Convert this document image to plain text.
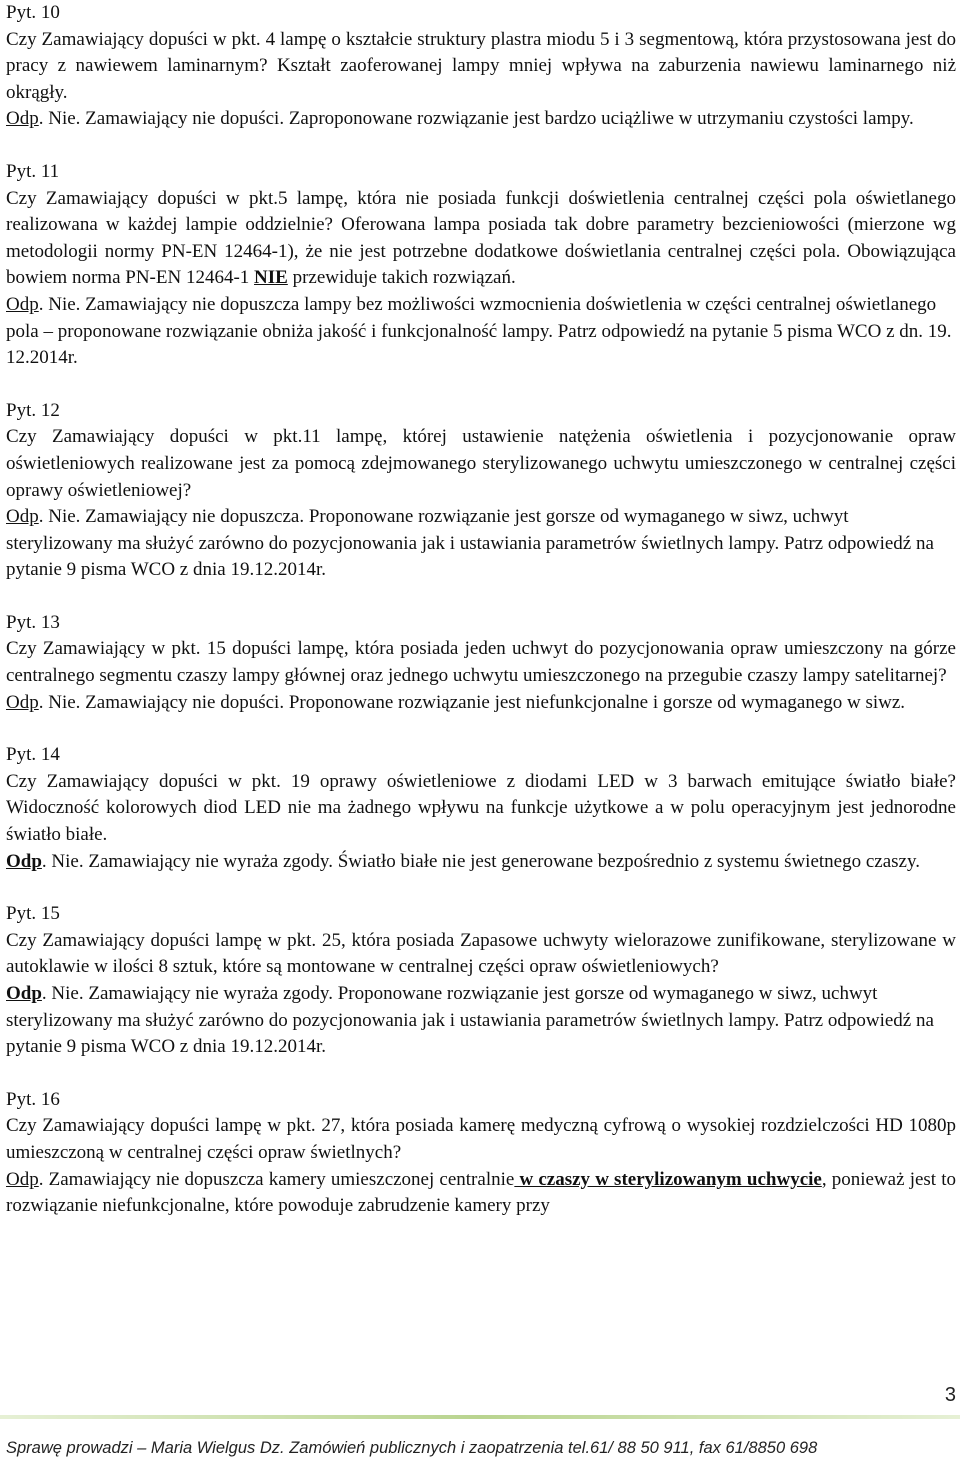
Pyt. 10
Czy Zamawiający dopuści w pkt. 4 lampę o kształcie struktury plastra miodu 5 i 3 segmentową, która przystosowana jest do pracy z nawiewem laminarnym? Kształt zaoferowanej lampy mniej wpływa na zaburzenia nawiewu laminarnego niż okrągły.
Odp. Nie. Zamawiający nie dopuści. Zaproponowane rozwiązanie jest bardzo uciążliwe w utrzymaniu czystości lampy.
Pyt. 11
Czy Zamawiający dopuści w pkt.5 lampę, która nie posiada funkcji doświetlenia centralnej części pola oświetlanego realizowana w każdej lampie oddzielnie? Oferowana lampa posiada tak dobre parametry bezcieniowości (mierzone wg metodologii normy PN-EN 12464-1), że nie jest potrzebne dodatkowe doświetlania centralnej części pola. Obowiązująca bowiem norma PN-EN 12464-1 NIE przewiduje takich rozwiązań.
Odp. Nie. Zamawiający nie dopuszcza lampy bez możliwości wzmocnienia doświetlenia w części centralnej oświetlanego pola – proponowane rozwiązanie obniża jakość i funkcjonalność lampy. Patrz odpowiedź na pytanie 5 pisma WCO z dn. 19. 12.2014r.
Pyt. 12
Czy Zamawiający dopuści w pkt.11 lampę, której ustawienie natężenia oświetlenia i pozycjonowanie opraw oświetleniowych realizowane jest za pomocą zdejmowanego sterylizowanego uchwytu umieszczonego w centralnej części oprawy oświetleniowej?
Odp. Nie. Zamawiający nie dopuszcza. Proponowane rozwiązanie jest gorsze od wymaganego w siwz, uchwyt sterylizowany ma służyć zarówno do pozycjonowania jak i ustawiania parametrów świetlnych lampy. Patrz odpowiedź na pytanie 9 pisma WCO z dnia 19.12.2014r.
Pyt. 13
Czy Zamawiający w pkt. 15 dopuści lampę, która posiada jeden uchwyt do pozycjonowania opraw umieszczony na górze centralnego segmentu czaszy lampy głównej oraz jednego uchwytu umieszczonego na przegubie czaszy lampy satelitarnej?
Odp. Nie. Zamawiający nie dopuści. Proponowane rozwiązanie jest niefunkcjonalne i gorsze od wymaganego w siwz.
Pyt. 14
Czy Zamawiający dopuści w pkt. 19 oprawy oświetleniowe z diodami LED w 3 barwach emitujące światło białe? Widoczność kolorowych diod LED nie ma żadnego wpływu na funkcje użytkowe a w polu operacyjnym jest jednorodne światło białe.
Odp. Nie. Zamawiający nie wyraża zgody. Światło białe nie jest generowane bezpośrednio z systemu świetnego czaszy.
Pyt. 15
Czy Zamawiający dopuści lampę w pkt. 25, która posiada Zapasowe uchwyty wielorazowe zunifikowane, sterylizowane w autoklawie w ilości 8 sztuk, które są montowane w centralnej części opraw oświetleniowych?
Odp. Nie. Zamawiający nie wyraża zgody. Proponowane rozwiązanie jest gorsze od wymaganego w siwz, uchwyt sterylizowany ma służyć zarówno do pozycjonowania jak i ustawiania parametrów świetlnych lampy. Patrz odpowiedź na pytanie 9 pisma WCO z dnia 19.12.2014r.
Pyt. 16
Czy Zamawiający dopuści lampę w pkt. 27, która posiada kamerę medyczną cyfrową o wysokiej rozdzielczości HD 1080p umieszczoną w centralnej części opraw świetlnych?
Odp. Zamawiający nie dopuszcza kamery umieszczonej centralnie w czaszy w sterylizowanym uchwycie, ponieważ jest to rozwiązanie niefunkcjonalne, które powoduje zabrudzenie kamery przy
3
Sprawę prowadzi – Maria Wielgus Dz. Zamówień publicznych i zaopatrzenia tel.61/ 88 50 911, fax 61/8850 698
